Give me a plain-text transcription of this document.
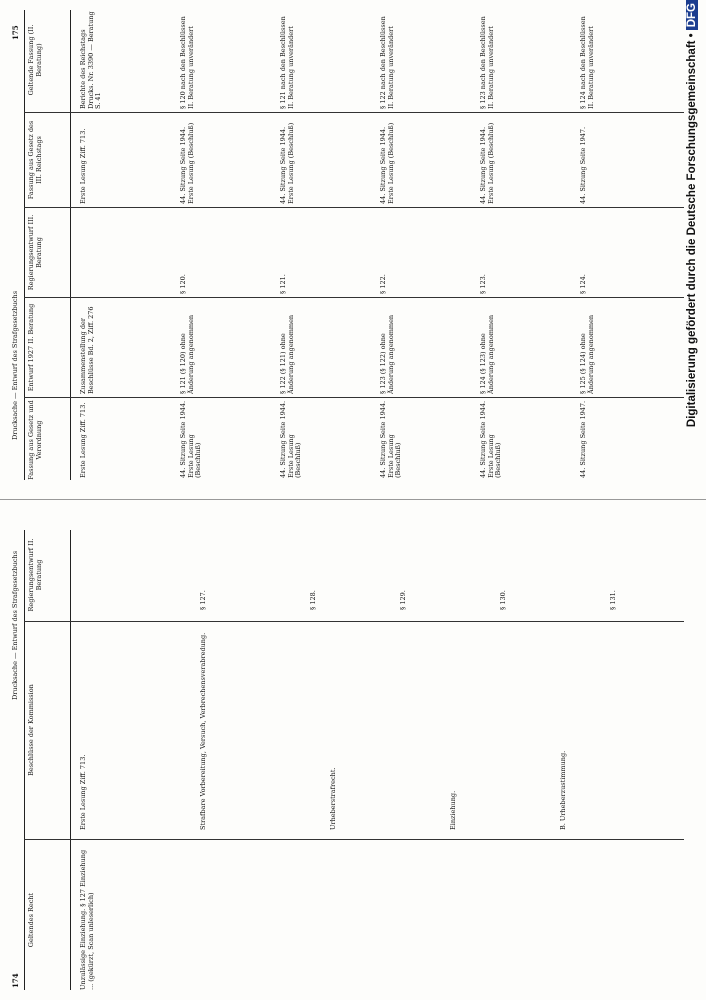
174
Drucksache — Entwurf des Strafgesetzbuchs
Geltendes Recht
Beschlüsse der Kommission
Regierungsentwurf II. Beratung
Unzulässige Einziehung. § 127 Einziehung ... (gekürzt, Scan unleserlich)
Erste Lesung Ziff. 713.
§ 127.
Strafbare Vorbereitung, Versuch, Verbrechensverabredung.
§ 128.
Urheberstrafrecht.
§ 129.
Einziehung.
§ 130.
B. Urheberzustimmung.
§ 131.
Drucksache — Entwurf des Strafgesetzbuchs
175
Fassung aus Gesetz und Verordnung
Entwurf 1927 II. Beratung
Regierungsentwurf III. Beratung
Fassung aus Gesetz des III. Reichstags
Geltende Fassung (II. Beratung)
Erste Lesung Ziff. 713.
Zusammenstellung der Beschlüsse Bd. 2, Ziff. 276
Erste Lesung Ziff. 713.
Berichte des Reichstags Drucks. Nr. 3390 — Beratung S. 41
44. Sitzung Seite 1944. Erste Lesung (Beschluß)
§ 121 (§ 120) ohne Änderung angenommen
§ 120.
44. Sitzung Seite 1944. Erste Lesung (Beschluß)
§ 120 nach den Beschlüssen II. Beratung unverändert
44. Sitzung Seite 1944. Erste Lesung (Beschluß)
§ 122 (§ 121) ohne Änderung angenommen
§ 121.
44. Sitzung Seite 1944. Erste Lesung (Beschluß)
§ 121 nach den Beschlüssen II. Beratung unverändert
44. Sitzung Seite 1944. Erste Lesung (Beschluß)
§ 123 (§ 122) ohne Änderung angenommen
§ 122.
44. Sitzung Seite 1944. Erste Lesung (Beschluß)
§ 122 nach den Beschlüssen II. Beratung unverändert
44. Sitzung Seite 1944. Erste Lesung (Beschluß)
§ 124 (§ 123) ohne Änderung angenommen
§ 123.
44. Sitzung Seite 1944. Erste Lesung (Beschluß)
§ 123 nach den Beschlüssen II. Beratung unverändert
44. Sitzung Seite 1947.
§ 125 (§ 124) ohne Änderung angenommen
§ 124.
44. Sitzung Seite 1947.
§ 124 nach den Beschlüssen II. Beratung unverändert	Digitalisierung gefördert durch die Deutsche Forschungsgemeinschaft •DFG
